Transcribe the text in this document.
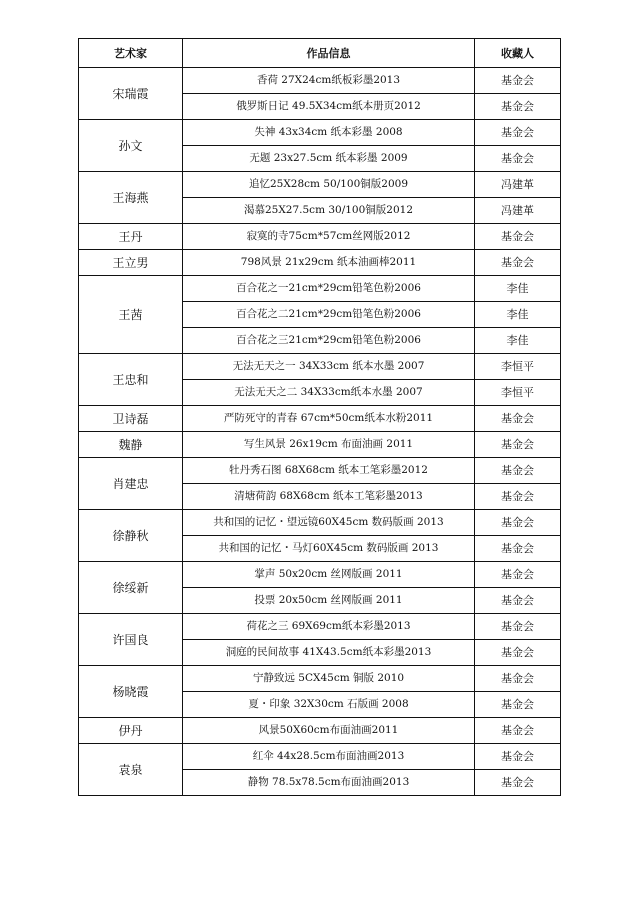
艺术家	作品信息	收藏人
宋瑞霞	香荷 27X24cm纸板彩墨2013	基金会
	俄罗斯日记 49.5X34cm纸本册页2012	基金会
孙文	失神 43x34cm 纸本彩墨 2008	基金会
	无题 23x27.5cm 纸本彩墨 2009	基金会
王海燕	追忆25X28cm 50/100铜版2009	冯建革
	渴慕25X27.5cm 30/100铜版2012	冯建革
王丹	寂寞的寺75cm*57cm丝网版2012	基金会
王立男	798风景 21x29cm 纸本油画棒2011	基金会
王茜	百合花之一21cm*29cm铅笔色粉2006	李佳
	百合花之二21cm*29cm铅笔色粉2006	李佳
	百合花之三21cm*29cm铅笔色粉2006	李佳
王忠和	无法无天之一 34X33cm 纸本水墨 2007	李恒平
	无法无天之二 34X33cm纸本水墨 2007	李恒平
卫诗磊	严防死守的青春 67cm*50cm纸本水粉2011	基金会
魏静	写生风景 26x19cm 布面油画 2011	基金会
肖建忠	牡丹秀石图 68X68cm 纸本工笔彩墨2012	基金会
	清塘荷韵 68X68cm 纸本工笔彩墨2013	基金会
徐静秋	共和国的记忆・望远镜60X45cm 数码版画 2013	基金会
	共和国的记忆・马灯60X45cm 数码版画 2013	基金会
徐绥新	掌声 50x20cm 丝网版画 2011	基金会
	投票 20x50cm 丝网版画 2011	基金会
许国良	荷花之三 69X69cm纸本彩墨2013	基金会
	洞庭的民间故事 41X43.5cm纸本彩墨2013	基金会
杨晓霞	宁静致远 5CX45cm 铜版 2010	基金会
	夏・印象 32X30cm 石版画 2008	基金会
伊丹	风景50X60cm布面油画2011	基金会
袁泉	红伞 44x28.5cm布面油画2013	基金会
	静物 78.5x78.5cm布面油画2013	基金会
